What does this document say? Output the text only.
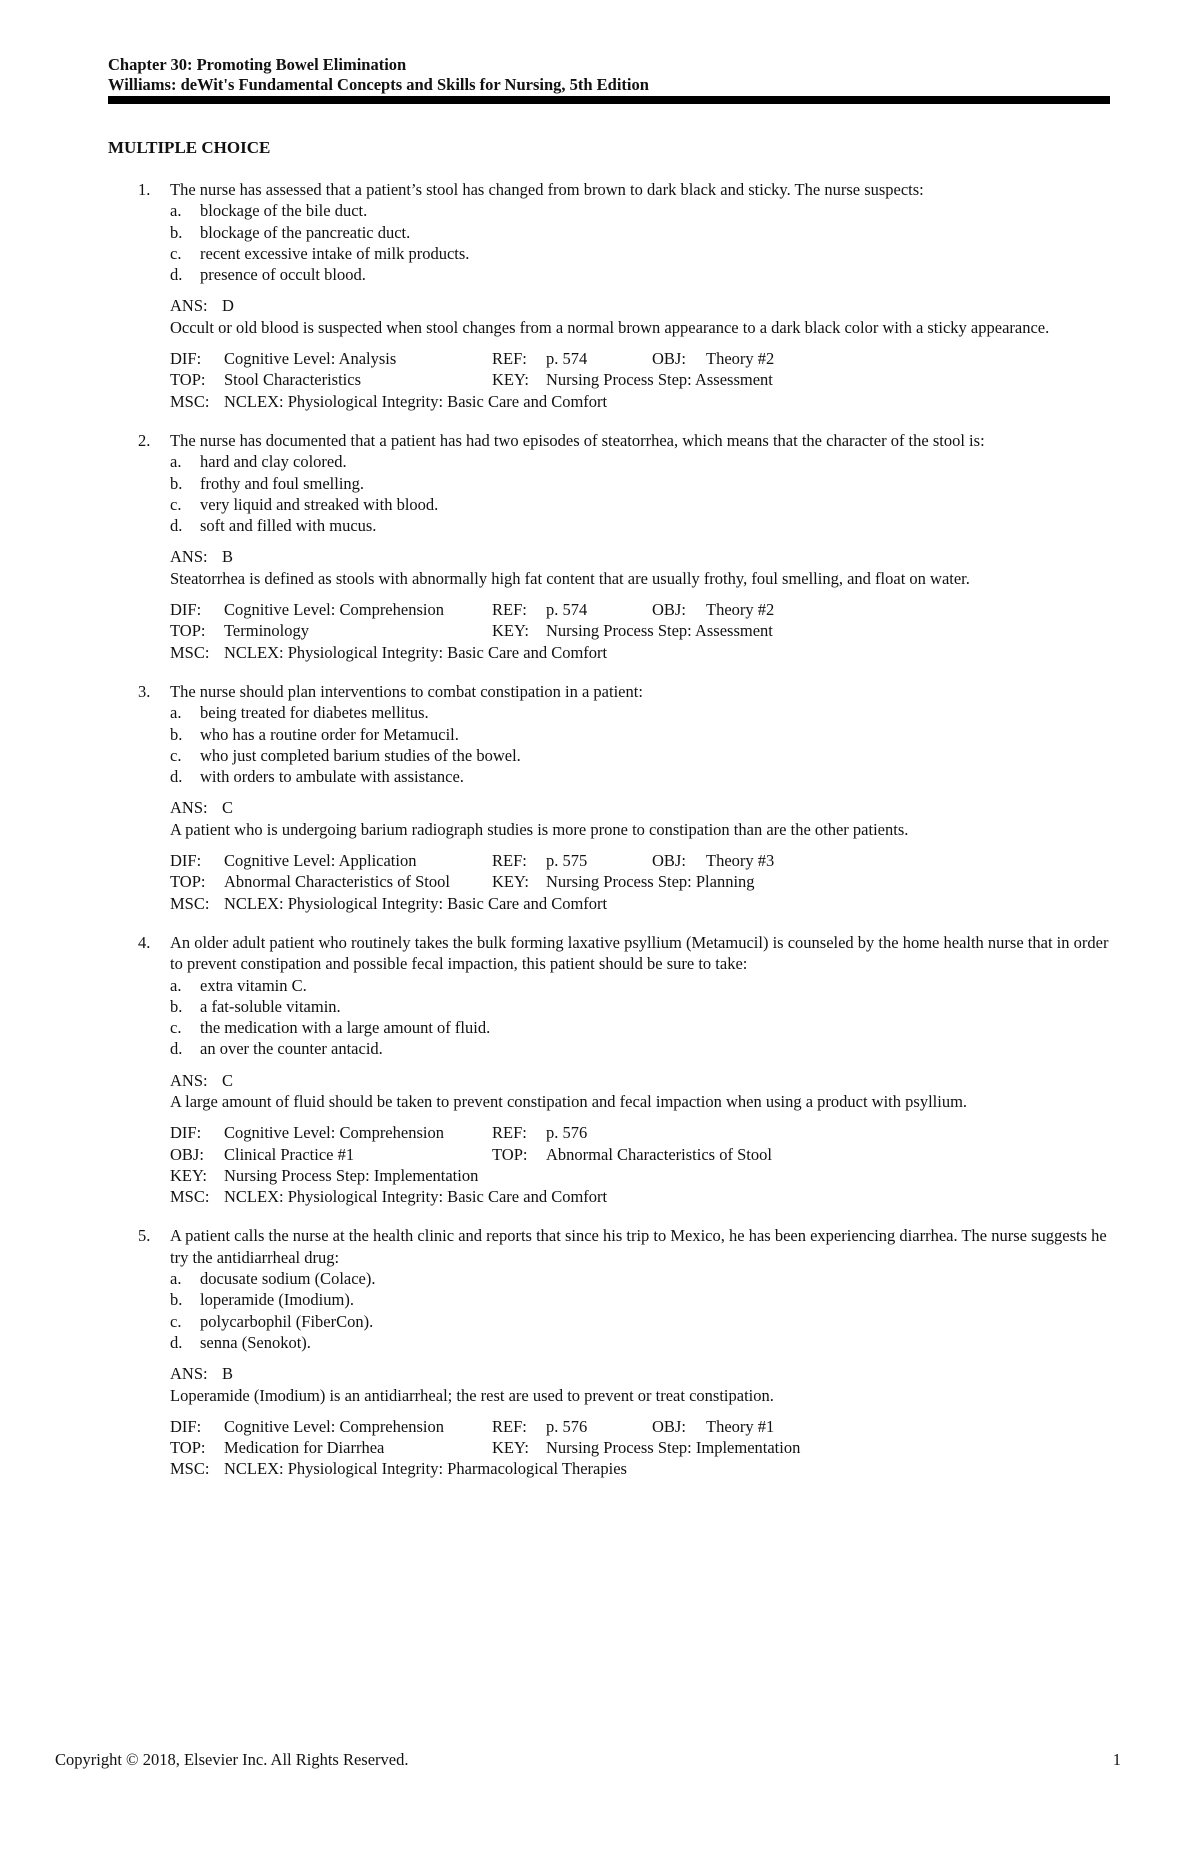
Chapter 30: Promoting Bowel Elimination
Williams: deWit's Fundamental Concepts and Skills for Nursing, 5th Edition
MULTIPLE CHOICE
1.	The nurse has assessed that a patient’s stool has changed from brown to dark black and sticky. The nurse suspects:
a. blockage of the bile duct.
b. blockage of the pancreatic duct.
c. recent excessive intake of milk products.
d. presence of occult blood.
ANS: D
Occult or old blood is suspected when stool changes from a normal brown appearance to a dark black color with a sticky appearance.
DIF: Cognitive Level: Analysis	REF: p. 574	OBJ: Theory #2
TOP: Stool Characteristics	KEY: Nursing Process Step: Assessment
MSC: NCLEX: Physiological Integrity: Basic Care and Comfort
2.	The nurse has documented that a patient has had two episodes of steatorrhea, which means that the character of the stool is:
a. hard and clay colored.
b. frothy and foul smelling.
c. very liquid and streaked with blood.
d. soft and filled with mucus.
ANS: B
Steatorrhea is defined as stools with abnormally high fat content that are usually frothy, foul smelling, and float on water.
DIF: Cognitive Level: Comprehension	REF: p. 574	OBJ: Theory #2
TOP: Terminology	KEY: Nursing Process Step: Assessment
MSC: NCLEX: Physiological Integrity: Basic Care and Comfort
3.	The nurse should plan interventions to combat constipation in a patient:
a. being treated for diabetes mellitus.
b. who has a routine order for Metamucil.
c. who just completed barium studies of the bowel.
d. with orders to ambulate with assistance.
ANS: C
A patient who is undergoing barium radiograph studies is more prone to constipation than are the other patients.
DIF: Cognitive Level: Application	REF: p. 575	OBJ: Theory #3
TOP: Abnormal Characteristics of Stool	KEY: Nursing Process Step: Planning
MSC: NCLEX: Physiological Integrity: Basic Care and Comfort
4.	An older adult patient who routinely takes the bulk forming laxative psyllium (Metamucil) is counseled by the home health nurse that in order to prevent constipation and possible fecal impaction, this patient should be sure to take:
a. extra vitamin C.
b. a fat-soluble vitamin.
c. the medication with a large amount of fluid.
d. an over the counter antacid.
ANS: C
A large amount of fluid should be taken to prevent constipation and fecal impaction when using a product with psyllium.
DIF: Cognitive Level: Comprehension	REF: p. 576
OBJ: Clinical Practice #1	TOP: Abnormal Characteristics of Stool
KEY: Nursing Process Step: Implementation
MSC: NCLEX: Physiological Integrity: Basic Care and Comfort
5.	A patient calls the nurse at the health clinic and reports that since his trip to Mexico, he has been experiencing diarrhea. The nurse suggests he try the antidiarrheal drug:
a. docusate sodium (Colace).
b. loperamide (Imodium).
c. polycarbophil (FiberCon).
d. senna (Senokot).
ANS: B
Loperamide (Imodium) is an antidiarrheal; the rest are used to prevent or treat constipation.
DIF: Cognitive Level: Comprehension	REF: p. 576	OBJ: Theory #1
TOP: Medication for Diarrhea	KEY: Nursing Process Step: Implementation
MSC: NCLEX: Physiological Integrity: Pharmacological Therapies
Copyright © 2018, Elsevier Inc. All Rights Reserved.	1
